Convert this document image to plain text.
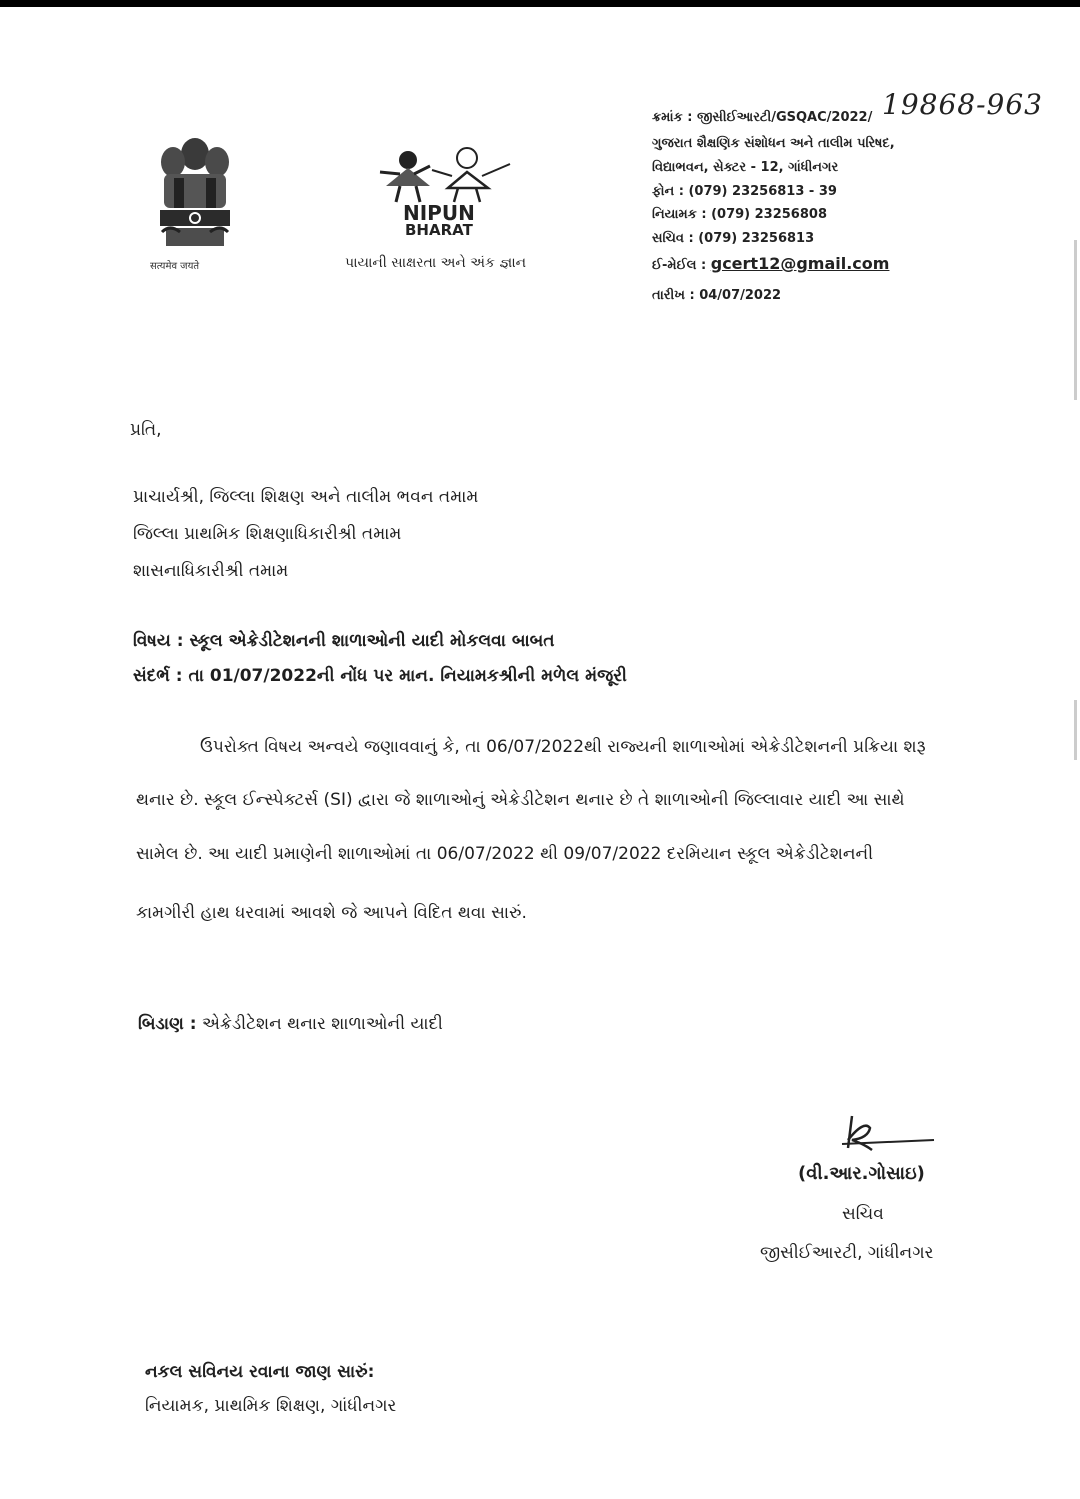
सत्यमेव जयते
NIPUN
BHARAT
પાયાની સાક્ષરતા અને અંક જ્ઞાન
ક્રમાંક : જીસીઈઆરટી/GSQAC/2022/ 19868-963
ગુજરાત શૈક્ષણિક સંશોધન અને તાલીમ પરિષદ,
વિદ્યાભવન, સેક્ટર - 12, ગાંધીનગર
ફોન : (079) 23256813 - 39
નિયામક : (079) 23256808
સચિવ : (079) 23256813
ઈ-મેઈલ : gcert12@gmail.com
તારીખ : 04/07/2022
પ્રતિ,
પ્રાચાર્યશ્રી, જિલ્લા શિક્ષણ અને તાલીમ ભવન તમામ
જિલ્લા પ્રાથમિક શિક્ષણાધિકારીશ્રી તમામ
શાસનાધિકારીશ્રી તમામ
વિષય : સ્કૂલ એક્રેડીટેશનની શાળાઓની યાદી મોકલવા બાબત
સંદર્ભ : તા 01/07/2022ની નોંધ પર માન. નિયામકશ્રીની મળેલ મંજૂરી
ઉપરોક્ત વિષય અન્વયે જણાવવાનું કે, તા 06/07/2022થી રાજ્યની શાળાઓમાં એક્રેડીટેશનની પ્રક્રિયા શરૂ
થનાર છે. સ્કૂલ ઈન્સ્પેક્ટર્સ (SI) દ્વારા જે શાળાઓનું એક્રેડીટેશન થનાર છે તે શાળાઓની જિલ્લાવાર યાદી આ સાથે
સામેલ છે. આ યાદી પ્રમાણેની શાળાઓમાં તા 06/07/2022 થી 09/07/2022 દરમિયાન સ્કૂલ એક્રેડીટેશનની
કામગીરી હાથ ધરવામાં આવશે જે આપને વિદિત થવા સારું.
બિડાણ : એક્રેડીટેશન થનાર શાળાઓની યાદી
(વી.આર.ગોસાઇ)
સચિવ
જીસીઈઆરટી, ગાંધીનગર
નકલ સવિનય રવાના જાણ સારું:
નિયામક, પ્રાથમિક શિક્ષણ, ગાંધીનગર
